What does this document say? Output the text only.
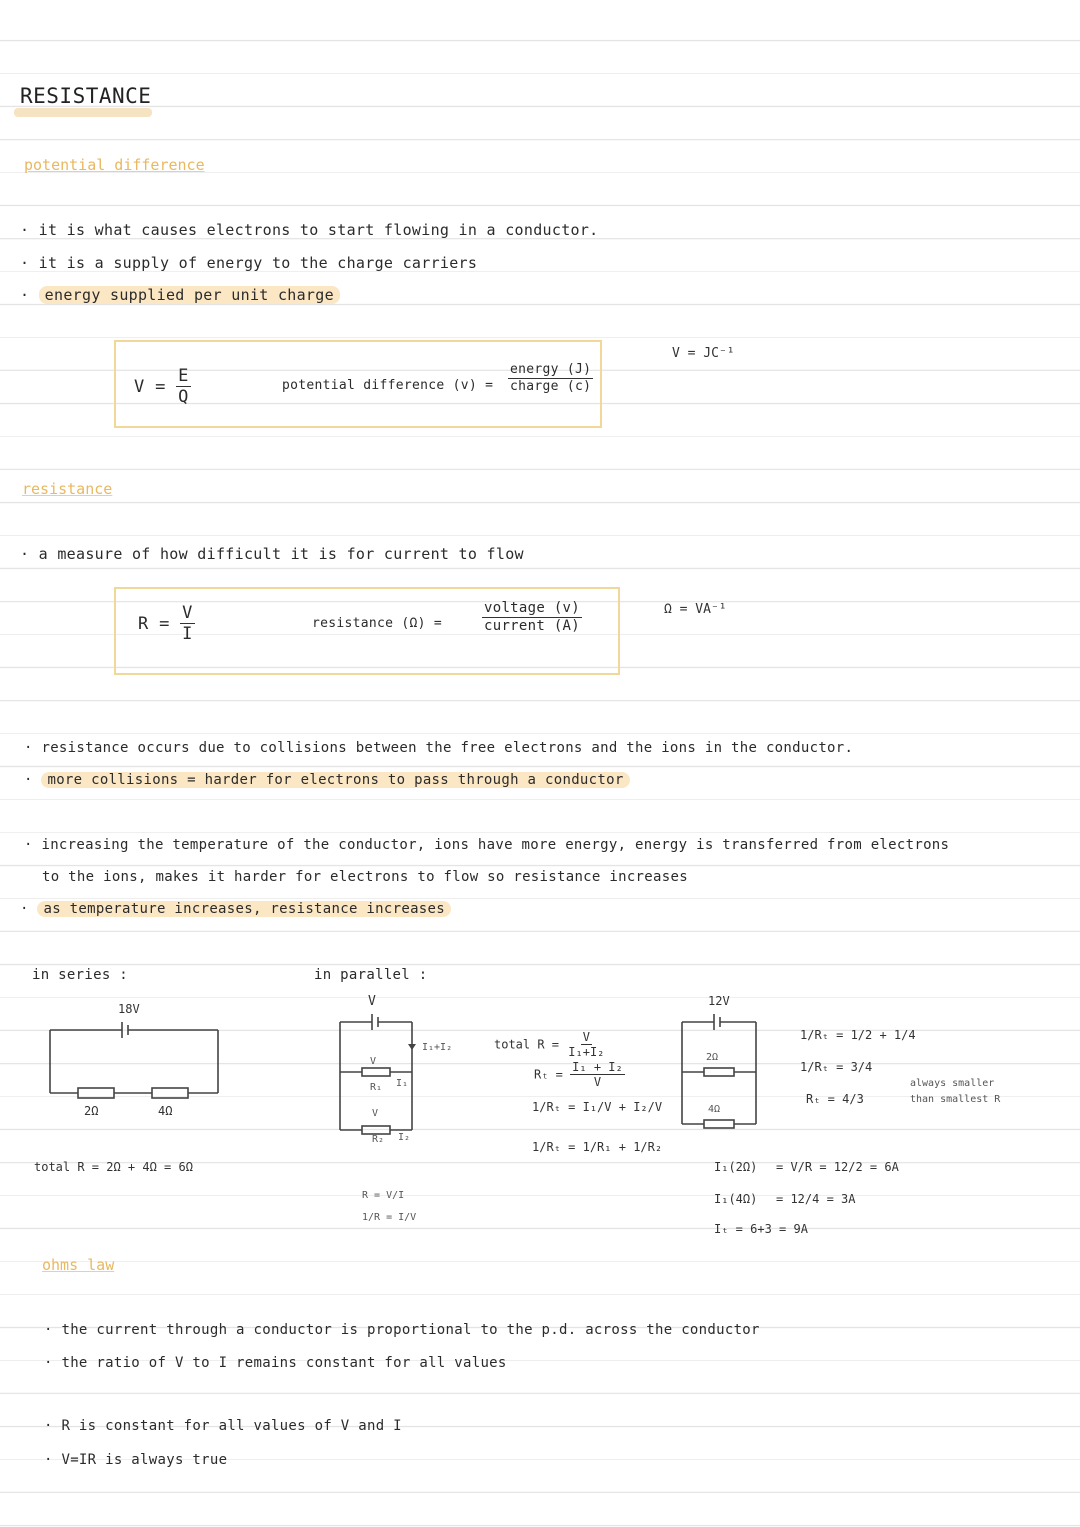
RESISTANCE
potential difference
· it is what causes electrons to start flowing in a conductor.
· it is a supply of energy to the charge carriers
· energy supplied per unit charge
$V = \frac{E}{Q}$	potential difference $(v) = \frac{\text{energy (J)}}{\text{charge (c)}}$
V = JC⁻¹
resistance
· a measure of how difficult it is for current to flow
$R = \frac{V}{I}$	resistance (Ω) =	$\frac{\text{voltage (v)}}{\text{current (A)}}$	Ω = VA⁻¹
· resistance occurs due to collisions between the free electrons and the ions in the conductor.
· more collisions = harder for electrons to pass through a conductor
· increasing the temperature of the conductor, ions have more energy, energy is transferred from electrons
to the ions, makes it harder for electrons to flow so resistance increases
· as temperature increases, resistance increases
in series :
18V
2Ω	4Ω
total R = 2Ω + 4Ω = 6Ω
in parallel :
V
I₁+I₂
V
R₁ I₁
V
R₂ I₂
R = V/I
1/R = I/V
total $R = \frac{V}{\text{I₁+I₂}}$
$R_t = \frac{\text{I₁ + I₂}}{V}$
1/Rₜ = I₁/V + I₂/V
1/Rₜ = 1/R₁ + 1/R₂
12V
2Ω
4Ω
1/Rₜ = 1/2 + 1/4
1/Rₜ = 3/4
Rₜ = 4/3
always smaller
than smallest R
I₁(2Ω) = V/R = 12/2 = 6A
I₁(4Ω) = 12/4 = 3A
Iₜ = 6+3 = 9A
ohms law
· the current through a conductor is proportional to the p.d. across the conductor
· the ratio of V to I remains constant for all values
· R is constant for all values of V and I
· V=IR is always true
